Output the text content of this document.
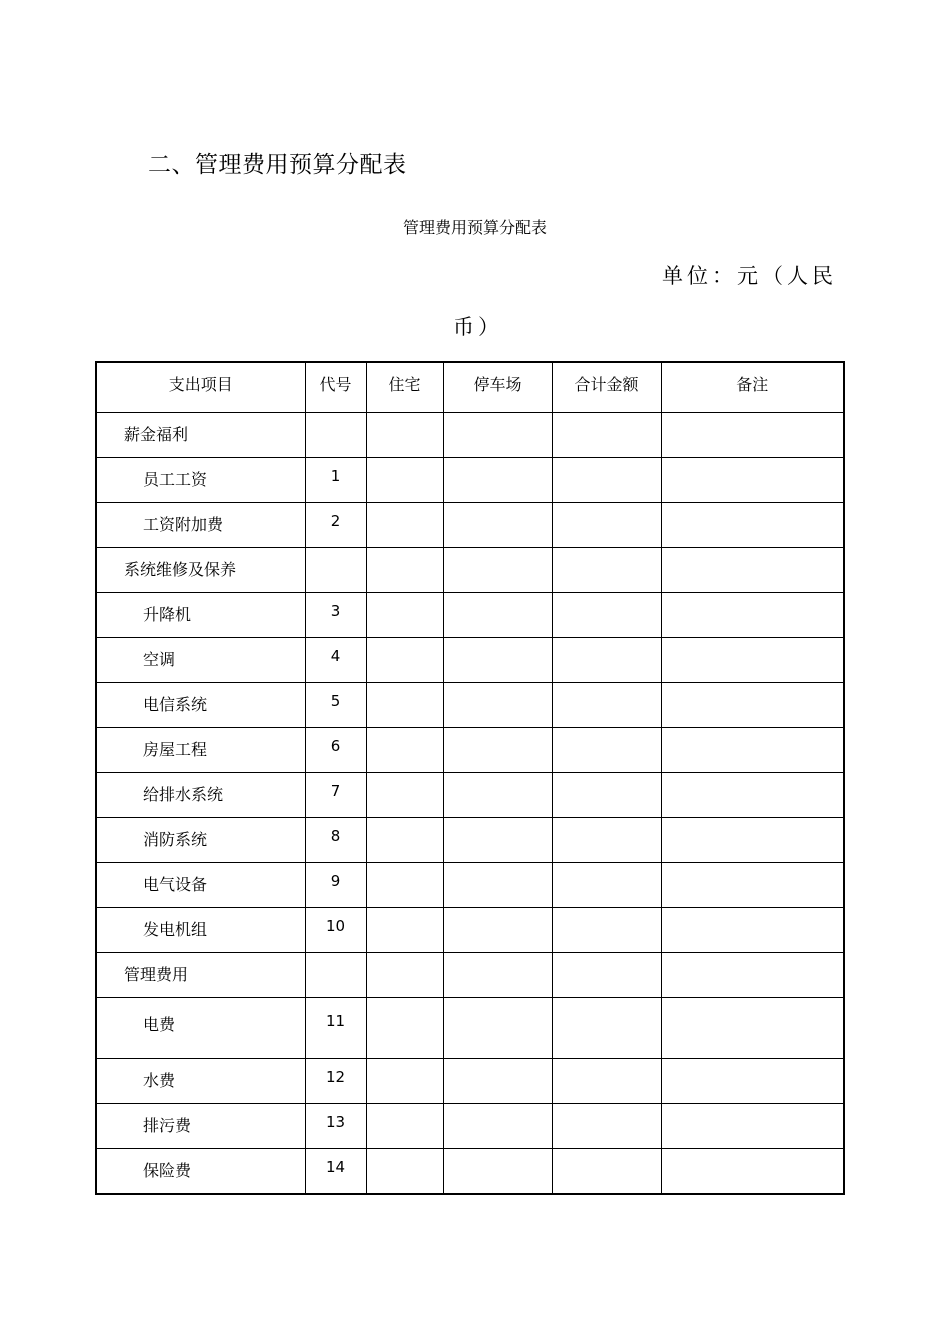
二、管理费用预算分配表
管理费用预算分配表
单位：元（人民
币）
支出项目	代号	住宅	停车场	合计金额	备注
薪金福利					
员工工资	1				
工资附加费	2				
系统维修及保养					
升降机	3				
空调	4				
电信系统	5				
房屋工程	6				
给排水系统	7				
消防系统	8				
电气设备	9				
发电机组	10				
管理费用					
电费	11				
水费	12				
排污费	13				
保险费	14				
